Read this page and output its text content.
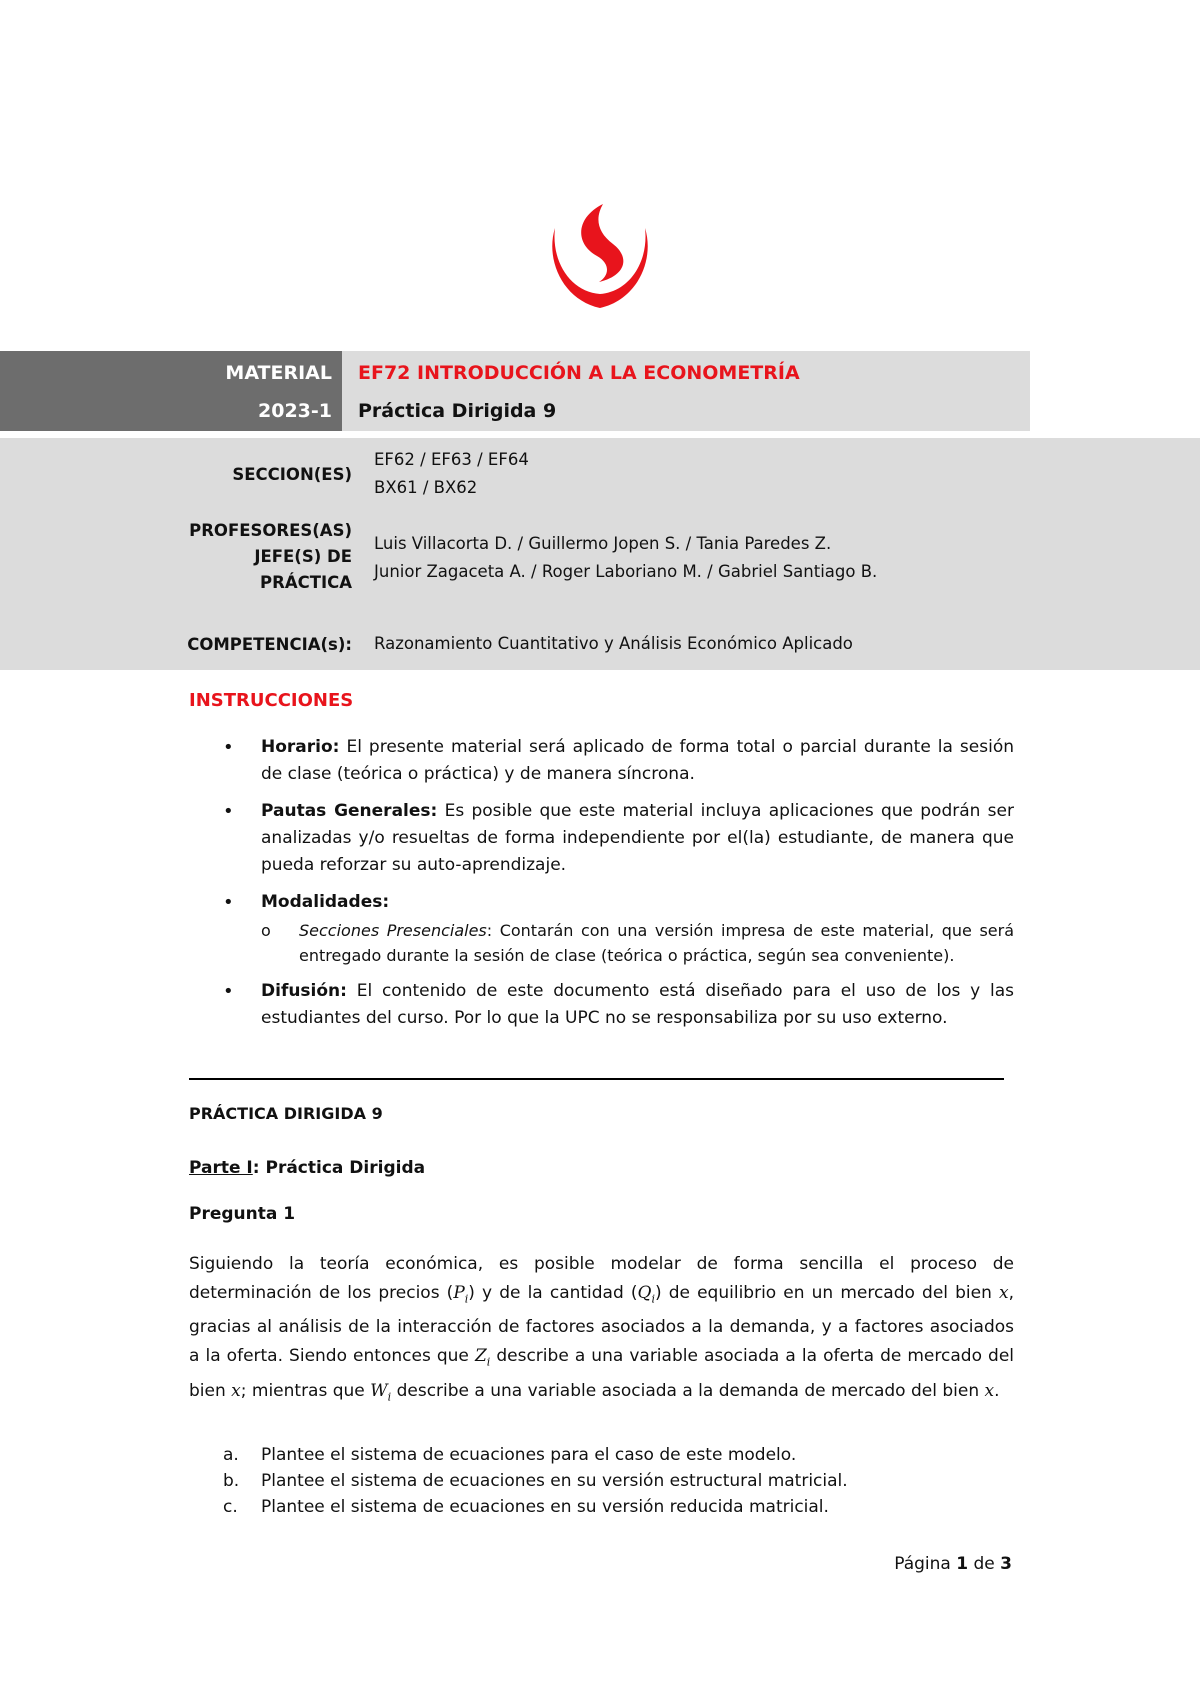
MATERIAL
2023-1
EF72 INTRODUCCIÓN A LA ECONOMETRÍA
Práctica Dirigida 9
SECCION(ES)
EF62 / EF63 / EF64
BX61 / BX62
PROFESORES(AS)
JEFE(S) DE
PRÁCTICA
Luis Villacorta D. / Guillermo Jopen S. / Tania Paredes Z.
Junior Zagaceta A. / Roger Laboriano M. / Gabriel Santiago B.
COMPETENCIA(s): Razonamiento Cuantitativo y Análisis Económico Aplicado
INSTRUCCIONES
• Horario: El presente material será aplicado de forma total o parcial durante la sesión de clase (teórica o práctica) y de manera síncrona.
• Pautas Generales: Es posible que este material incluya aplicaciones que podrán ser analizadas y/o resueltas de forma independiente por el(la) estudiante, de manera que pueda reforzar su auto-aprendizaje.
• Modalidades:
o Secciones Presenciales: Contarán con una versión impresa de este material, que será entregado durante la sesión de clase (teórica o práctica, según sea conveniente).
• Difusión: El contenido de este documento está diseñado para el uso de los y las estudiantes del curso. Por lo que la UPC no se responsabiliza por su uso externo.
PRÁCTICA DIRIGIDA 9
Parte I: Práctica Dirigida
Pregunta 1
Siguiendo la teoría económica, es posible modelar de forma sencilla el proceso de determinación de los precios $(P_i)$ y de la cantidad $(Q_i)$ de equilibrio en un mercado del bien x, gracias al análisis de la interacción de factores asociados a la demanda, y a factores asociados a la oferta. Siendo entonces que $Z_i$ describe a una variable asociada a la oferta de mercado del bien x; mientras que $W_i$ describe a una variable asociada a la demanda de mercado del bien x.
a. Plantee el sistema de ecuaciones para el caso de este modelo.
b. Plantee el sistema de ecuaciones en su versión estructural matricial.
c. Plantee el sistema de ecuaciones en su versión reducida matricial.
Página 1 de 3
